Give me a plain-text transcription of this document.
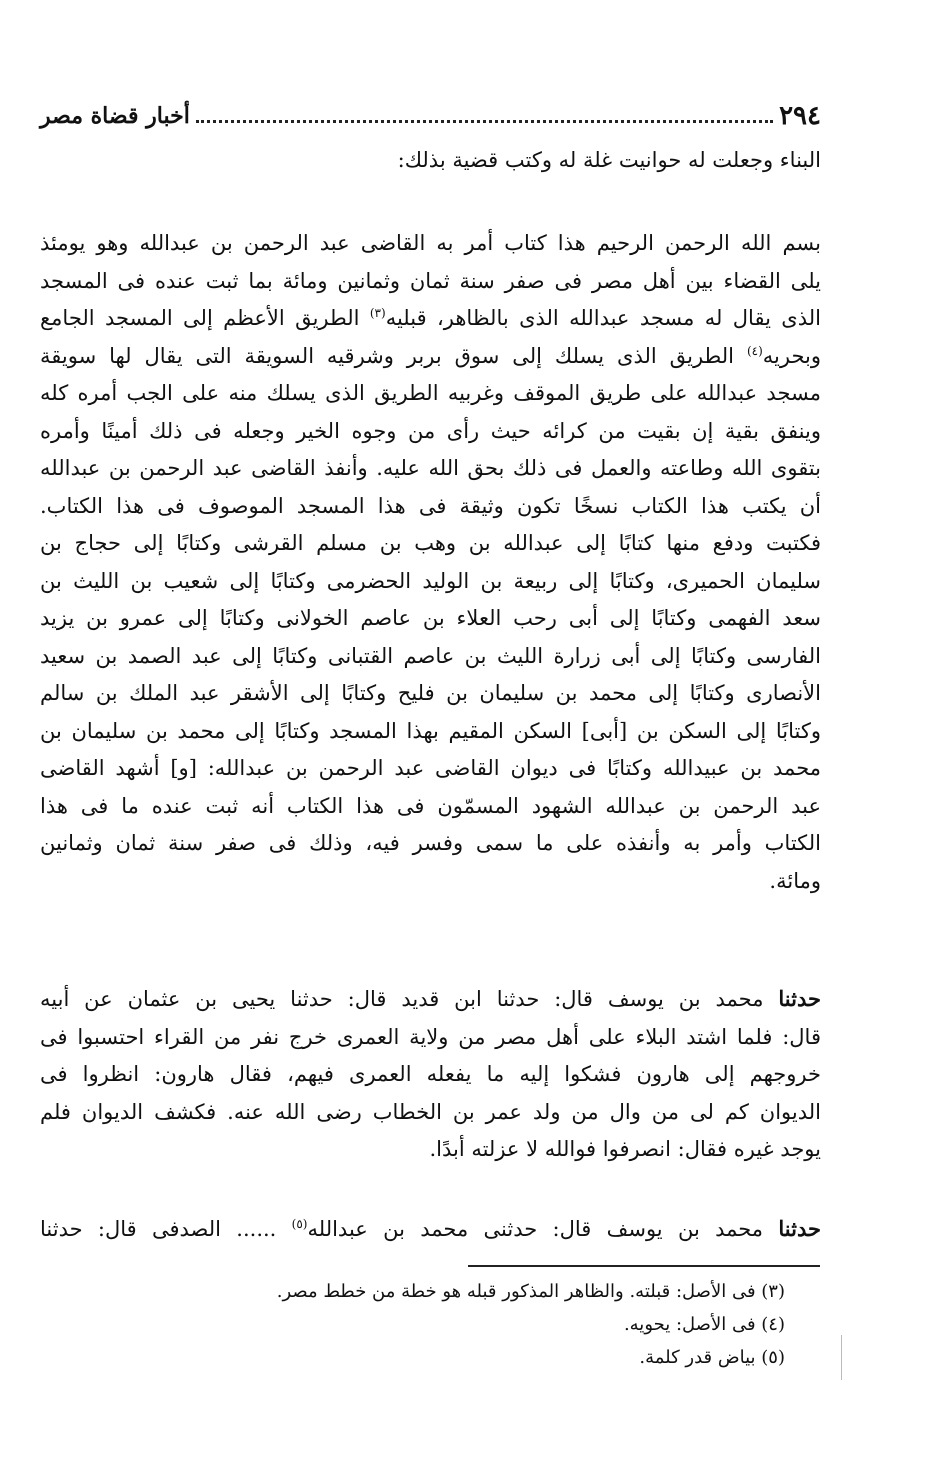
٢٩٤
أخبار قضاة مصر
البناء وجعلت له حوانيت غلة له وكتب قضية بذلك:
بسم الله الرحمن الرحيم هذا كتاب أمر به القاضى عبد الرحمن بن عبدالله وهو يومئذ
يلى القضاء بين أهل مصر فى صفر سنة ثمان وثمانين ومائة بما ثبت عنده فى المسجد
الذى يقال له مسجد عبدالله الذى بالظاهر، قبليه$^{(٣)}$ الطريق الأعظم إلى المسجد الجامع
وبحريه$^{(٤)}$ الطريق الذى يسلك إلى سوق بربر وشرقيه السويقة التى يقال لها سويقة
مسجد عبدالله على طريق الموقف وغربيه الطريق الذى يسلك منه على الجب أمره كله
وينفق بقية إن بقيت من كرائه حيث رأى من وجوه الخير وجعله فى ذلك أمينًا وأمره
بتقوى الله وطاعته والعمل فى ذلك بحق الله عليه. وأنفذ القاضى عبد الرحمن بن عبدالله
أن يكتب هذا الكتاب نسخًا تكون وثيقة فى هذا المسجد الموصوف فى هذا الكتاب.
فكتبت ودفع منها كتابًا إلى عبدالله بن وهب بن مسلم القرشى وكتابًا إلى حجاج بن
سليمان الحميرى، وكتابًا إلى ربيعة بن الوليد الحضرمى وكتابًا إلى شعيب بن الليث بن
سعد الفهمى وكتابًا إلى أبى رحب العلاء بن عاصم الخولانى وكتابًا إلى عمرو بن يزيد
الفارسى وكتابًا إلى أبى زرارة الليث بن عاصم القتبانى وكتابًا إلى عبد الصمد بن سعيد
الأنصارى وكتابًا إلى محمد بن سليمان بن فليح وكتابًا إلى الأشقر عبد الملك بن سالم
وكتابًا إلى السكن بن [أبى] السكن المقيم بهذا المسجد وكتابًا إلى محمد بن سليمان بن
محمد بن عبيدالله وكتابًا فى ديوان القاضى عبد الرحمن بن عبدالله: [و] أشهد القاضى
عبد الرحمن بن عبدالله الشهود المسمّون فى هذا الكتاب أنه ثبت عنده ما فى هذا
الكتاب وأمر به وأنفذه على ما سمى وفسر فيه، وذلك فى صفر سنة ثمان وثمانين
ومائة.
حدثنا محمد بن يوسف قال: حدثنا ابن قديد قال: حدثنا يحيى بن عثمان عن أبيه
قال: فلما اشتد البلاء على أهل مصر من ولاية العمرى خرج نفر من القراء احتسبوا فى
خروجهم إلى هارون فشكوا إليه ما يفعله العمرى فيهم، فقال هارون: انظروا فى
الديوان كم لى من وال من ولد عمر بن الخطاب رضى الله عنه. فكشف الديوان فلم
يوجد غيره فقال: انصرفوا فوالله لا عزلته أبدًا.
حدثنا محمد بن يوسف قال: حدثنى محمد بن عبدالله$^{(٥)}$ ...... الصدفى قال: حدثنا
(٣) فى الأصل: قبلته. والظاهر المذكور قبله هو خطة من خطط مصر.
(٤) فى الأصل: يحويه.
(٥) بياض قدر كلمة.
